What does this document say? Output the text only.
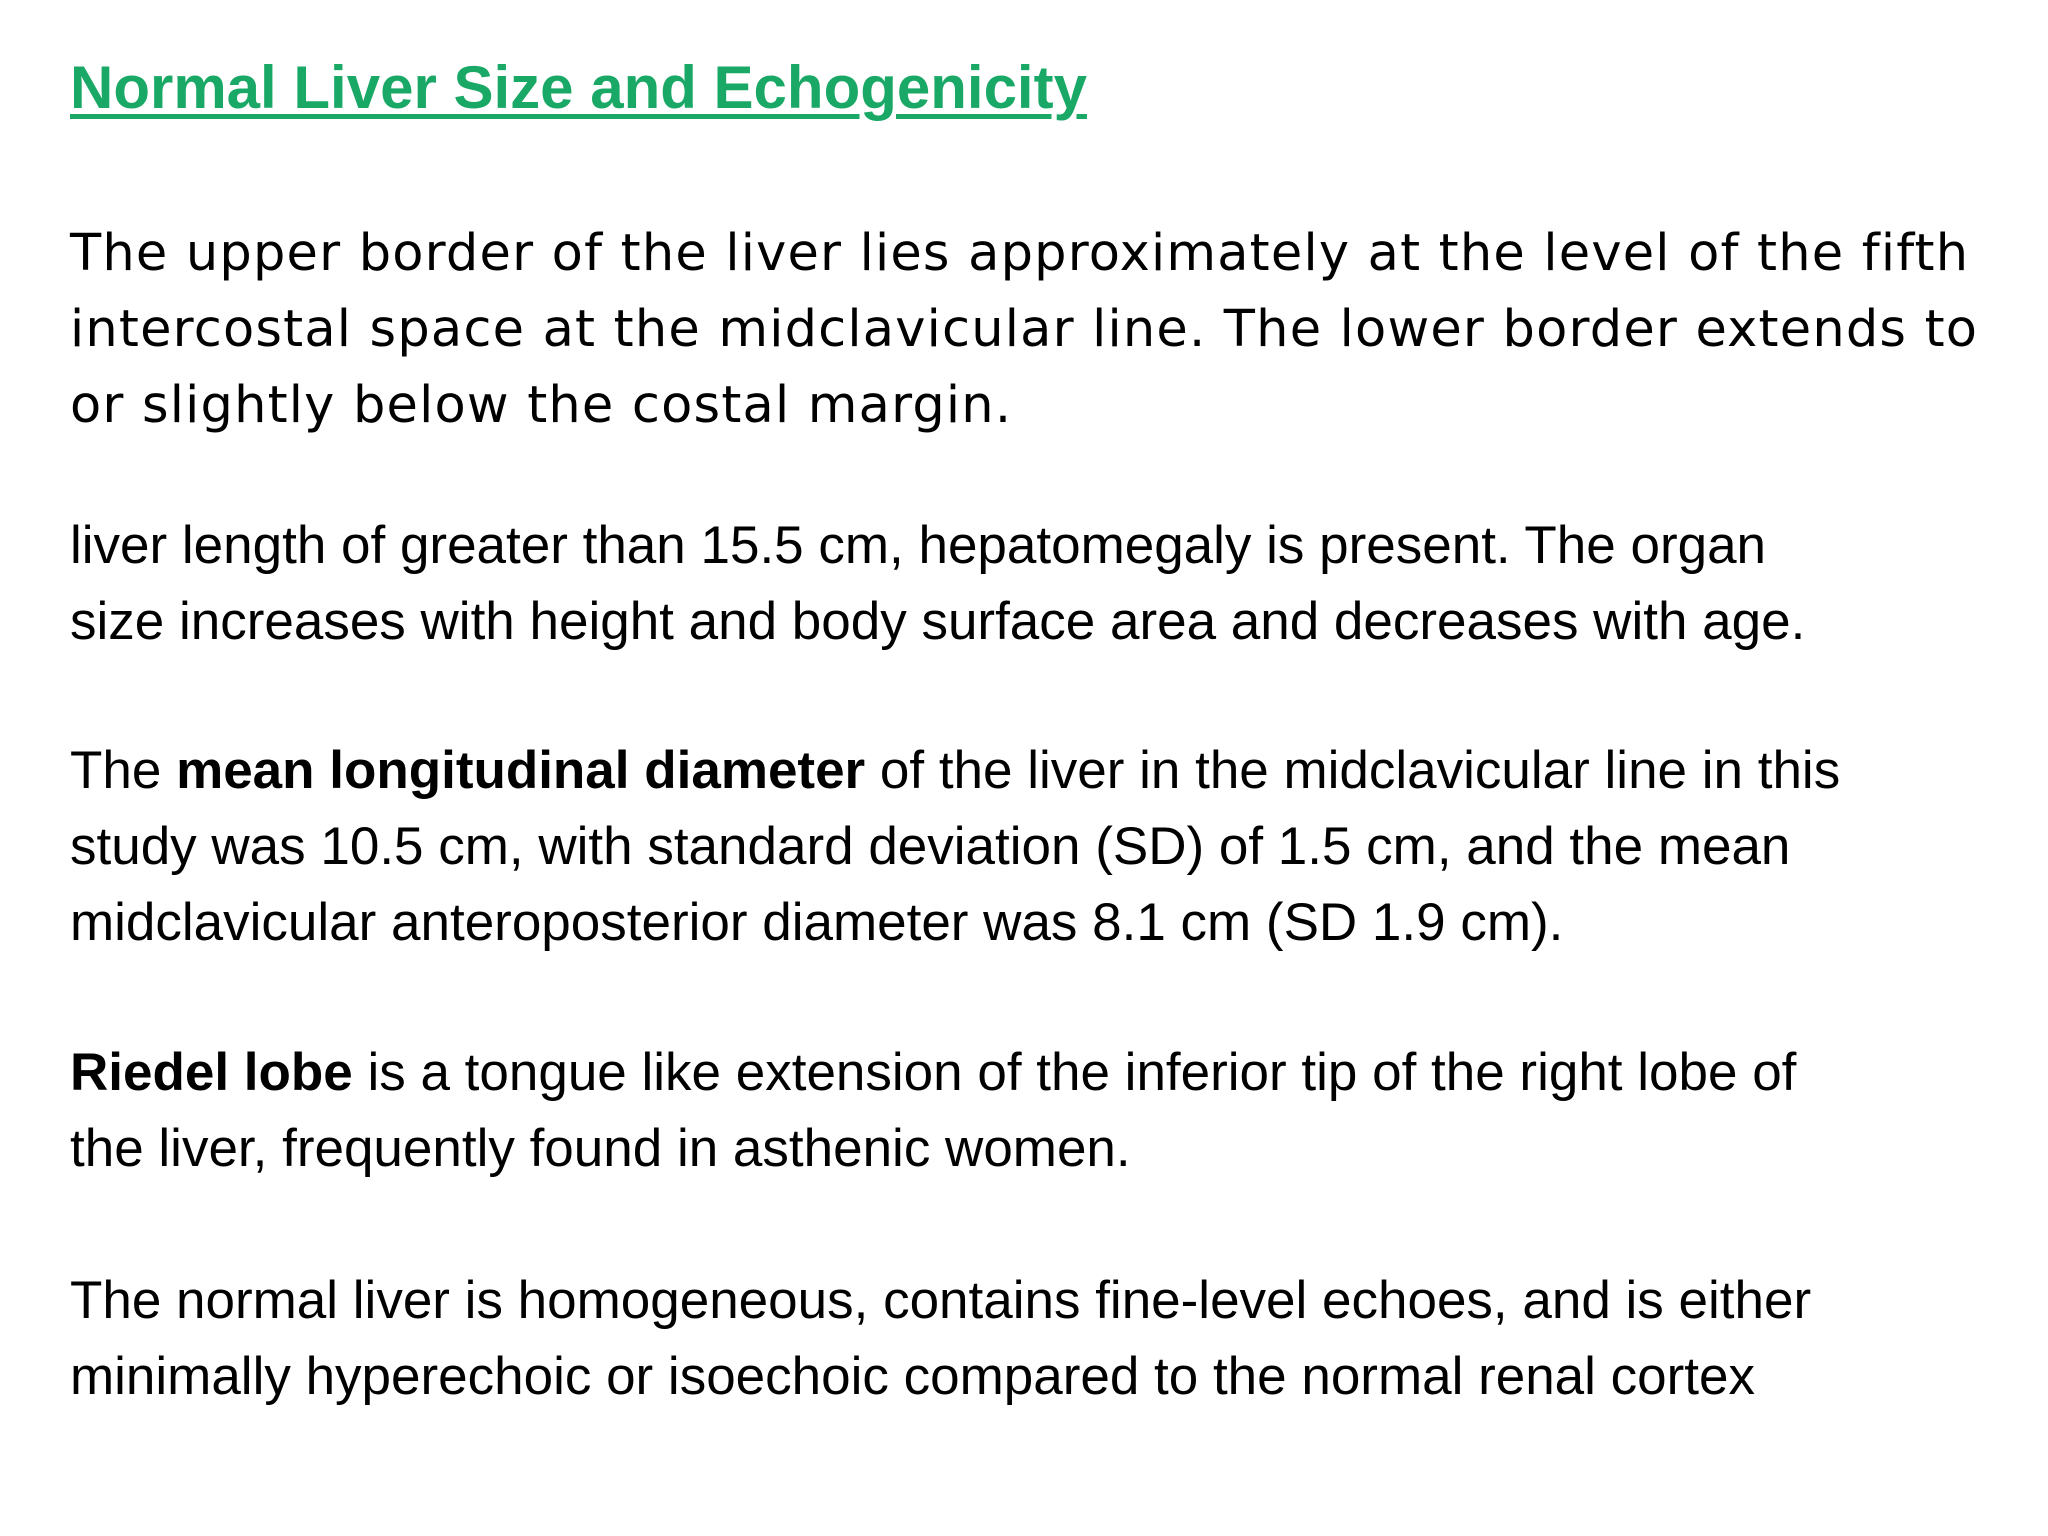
Normal Liver Size and Echogenicity

The upper border of the liver lies approximately at the level of the fifth
intercostal space at the midclavicular line. The lower border extends to
or slightly below the costal margin.

liver length of greater than 15.5 cm, hepatomegaly is present. The organ
size increases with height and body surface area and decreases with age.

The mean longitudinal diameter of the liver in the midclavicular line in this
study was 10.5 cm, with standard deviation (SD) of 1.5 cm, and the mean
midclavicular anteroposterior diameter was 8.1 cm (SD 1.9 cm).

Riedel lobe is a tongue like extension of the inferior tip of the right lobe of
the liver, frequently found in asthenic women.

The normal liver is homogeneous, contains fine-level echoes, and is either
minimally hyperechoic or isoechoic compared to the normal renal cortex
